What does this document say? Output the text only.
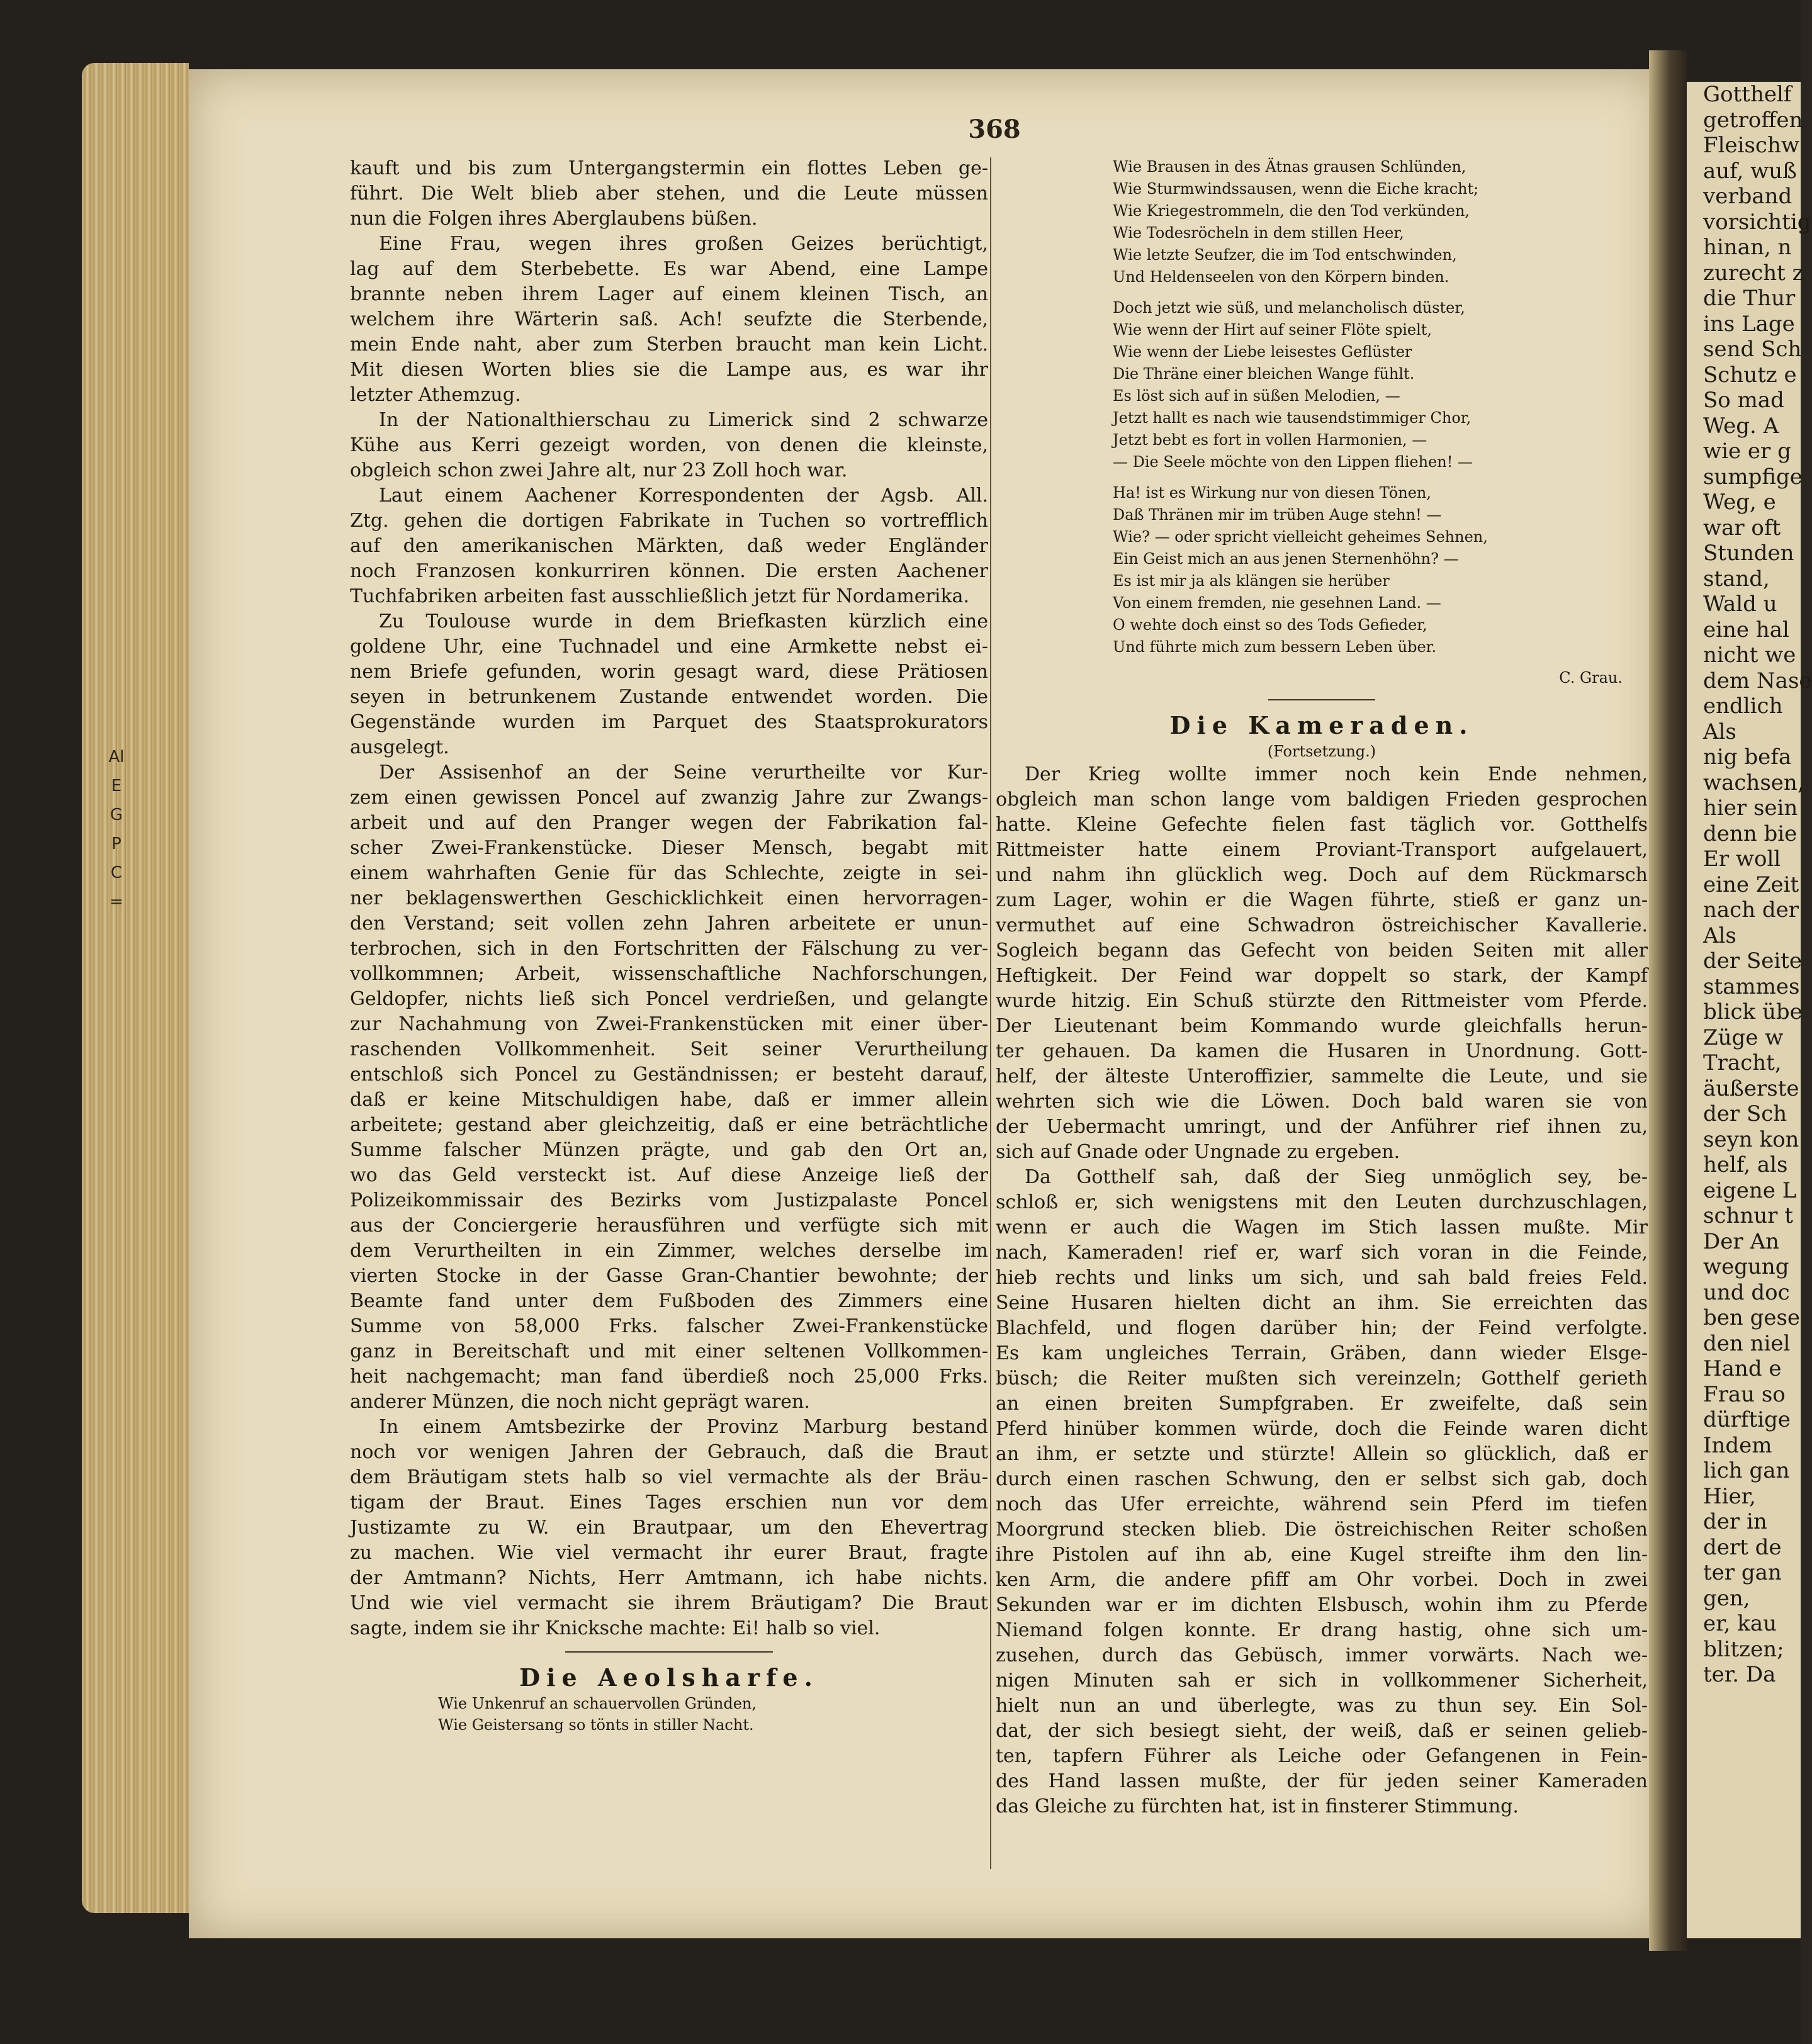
Al
E
G
P
C
=
Gotthelf
getroffen
Fleischw
auf, wuß
verband
vorsichtig
hinan, n
zurecht z
die Thur
ins Lage
send Sch
Schutz e
So mad
Weg. A
wie er g
sumpfige
Weg, e
war oft
Stunden
stand,
Wald u
eine hal
nicht we
dem Nase
endlich
Als
nig befa
wachsen,
hier sein
denn bie
Er woll
eine Zeit
nach der
Als
der Seite
stammes
blick übe
Züge w
Tracht,
äußerste
der Sch
seyn kon
helf, als
eigene L
schnur t
Der An
wegung
und doc
ben gese
den niel
Hand e
Frau so
dürftige
Indem
lich gan
Hier,
der in
dert de
ter gan
gen,
er, kau
blitzen;
ter. Da
368
kauft und bis zum Untergangstermin ein flottes Leben ge-
führt. Die Welt blieb aber stehen, und die Leute müssen
nun die Folgen ihres Aberglaubens büßen.
Eine Frau, wegen ihres großen Geizes berüchtigt,
lag auf dem Sterbebette. Es war Abend, eine Lampe
brannte neben ihrem Lager auf einem kleinen Tisch, an
welchem ihre Wärterin saß. Ach! seufzte die Sterbende,
mein Ende naht, aber zum Sterben braucht man kein Licht.
Mit diesen Worten blies sie die Lampe aus, es war ihr
letzter Athemzug.
In der Nationalthierschau zu Limerick sind 2 schwarze
Kühe aus Kerri gezeigt worden, von denen die kleinste,
obgleich schon zwei Jahre alt, nur 23 Zoll hoch war.
Laut einem Aachener Korrespondenten der Agsb. All.
Ztg. gehen die dortigen Fabrikate in Tuchen so vortrefflich
auf den amerikanischen Märkten, daß weder Engländer
noch Franzosen konkurriren können. Die ersten Aachener
Tuchfabriken arbeiten fast ausschließlich jetzt für Nordamerika.
Zu Toulouse wurde in dem Briefkasten kürzlich eine
goldene Uhr, eine Tuchnadel und eine Armkette nebst ei-
nem Briefe gefunden, worin gesagt ward, diese Prätiosen
seyen in betrunkenem Zustande entwendet worden. Die
Gegenstände wurden im Parquet des Staatsprokurators
ausgelegt.
Der Assisenhof an der Seine verurtheilte vor Kur-
zem einen gewissen Poncel auf zwanzig Jahre zur Zwangs-
arbeit und auf den Pranger wegen der Fabrikation fal-
scher Zwei-Frankenstücke. Dieser Mensch, begabt mit
einem wahrhaften Genie für das Schlechte, zeigte in sei-
ner beklagenswerthen Geschicklichkeit einen hervorragen-
den Verstand; seit vollen zehn Jahren arbeitete er unun-
terbrochen, sich in den Fortschritten der Fälschung zu ver-
vollkommnen; Arbeit, wissenschaftliche Nachforschungen,
Geldopfer, nichts ließ sich Poncel verdrießen, und gelangte
zur Nachahmung von Zwei-Frankenstücken mit einer über-
raschenden Vollkommenheit. Seit seiner Verurtheilung
entschloß sich Poncel zu Geständnissen; er besteht darauf,
daß er keine Mitschuldigen habe, daß er immer allein
arbeitete; gestand aber gleichzeitig, daß er eine beträchtliche
Summe falscher Münzen prägte, und gab den Ort an,
wo das Geld versteckt ist. Auf diese Anzeige ließ der
Polizeikommissair des Bezirks vom Justizpalaste Poncel
aus der Conciergerie herausführen und verfügte sich mit
dem Verurtheilten in ein Zimmer, welches derselbe im
vierten Stocke in der Gasse Gran-Chantier bewohnte; der
Beamte fand unter dem Fußboden des Zimmers eine
Summe von 58,000 Frks. falscher Zwei-Frankenstücke
ganz in Bereitschaft und mit einer seltenen Vollkommen-
heit nachgemacht; man fand überdieß noch 25,000 Frks.
anderer Münzen, die noch nicht geprägt waren.
In einem Amtsbezirke der Provinz Marburg bestand
noch vor wenigen Jahren der Gebrauch, daß die Braut
dem Bräutigam stets halb so viel vermachte als der Bräu-
tigam der Braut. Eines Tages erschien nun vor dem
Justizamte zu W. ein Brautpaar, um den Ehevertrag
zu machen. Wie viel vermacht ihr eurer Braut, fragte
der Amtmann? Nichts, Herr Amtmann, ich habe nichts.
Und wie viel vermacht sie ihrem Bräutigam? Die Braut
sagte, indem sie ihr Knicksche machte: Ei! halb so viel.
Die Aeolsharfe.
Wie Unkenruf an schauervollen Gründen,
Wie Geistersang so tönts in stiller Nacht.
Wie Brausen in des Ätnas grausen Schlünden,
Wie Sturmwindssausen, wenn die Eiche kracht;
Wie Kriegestrommeln, die den Tod verkünden,
Wie Todesröcheln in dem stillen Heer,
Wie letzte Seufzer, die im Tod entschwinden,
Und Heldenseelen von den Körpern binden.
Doch jetzt wie süß, und melancholisch düster,
Wie wenn der Hirt auf seiner Flöte spielt,
Wie wenn der Liebe leisestes Geflüster
Die Thräne einer bleichen Wange fühlt.
Es löst sich auf in süßen Melodien, —
Jetzt hallt es nach wie tausendstimmiger Chor,
Jetzt bebt es fort in vollen Harmonien, —
— Die Seele möchte von den Lippen fliehen! —
Ha! ist es Wirkung nur von diesen Tönen,
Daß Thränen mir im trüben Auge stehn! —
Wie? — oder spricht vielleicht geheimes Sehnen,
Ein Geist mich an aus jenen Sternenhöhn? —
Es ist mir ja als klängen sie herüber
Von einem fremden, nie gesehnen Land. —
O wehte doch einst so des Tods Gefieder,
Und führte mich zum bessern Leben über.
C. Grau.
Die Kameraden.
(Fortsetzung.)
Der Krieg wollte immer noch kein Ende nehmen,
obgleich man schon lange vom baldigen Frieden gesprochen
hatte. Kleine Gefechte fielen fast täglich vor. Gotthelfs
Rittmeister hatte einem Proviant-Transport aufgelauert,
und nahm ihn glücklich weg. Doch auf dem Rückmarsch
zum Lager, wohin er die Wagen führte, stieß er ganz un-
vermuthet auf eine Schwadron östreichischer Kavallerie.
Sogleich begann das Gefecht von beiden Seiten mit aller
Heftigkeit. Der Feind war doppelt so stark, der Kampf
wurde hitzig. Ein Schuß stürzte den Rittmeister vom Pferde.
Der Lieutenant beim Kommando wurde gleichfalls herun-
ter gehauen. Da kamen die Husaren in Unordnung. Gott-
helf, der älteste Unteroffizier, sammelte die Leute, und sie
wehrten sich wie die Löwen. Doch bald waren sie von
der Uebermacht umringt, und der Anführer rief ihnen zu,
sich auf Gnade oder Ungnade zu ergeben.
Da Gotthelf sah, daß der Sieg unmöglich sey, be-
schloß er, sich wenigstens mit den Leuten durchzuschlagen,
wenn er auch die Wagen im Stich lassen mußte. Mir
nach, Kameraden! rief er, warf sich voran in die Feinde,
hieb rechts und links um sich, und sah bald freies Feld.
Seine Husaren hielten dicht an ihm. Sie erreichten das
Blachfeld, und flogen darüber hin; der Feind verfolgte.
Es kam ungleiches Terrain, Gräben, dann wieder Elsge-
büsch; die Reiter mußten sich vereinzeln; Gotthelf gerieth
an einen breiten Sumpfgraben. Er zweifelte, daß sein
Pferd hinüber kommen würde, doch die Feinde waren dicht
an ihm, er setzte und stürzte! Allein so glücklich, daß er
durch einen raschen Schwung, den er selbst sich gab, doch
noch das Ufer erreichte, während sein Pferd im tiefen
Moorgrund stecken blieb. Die östreichischen Reiter schoßen
ihre Pistolen auf ihn ab, eine Kugel streifte ihm den lin-
ken Arm, die andere pfiff am Ohr vorbei. Doch in zwei
Sekunden war er im dichten Elsbusch, wohin ihm zu Pferde
Niemand folgen konnte. Er drang hastig, ohne sich um-
zusehen, durch das Gebüsch, immer vorwärts. Nach we-
nigen Minuten sah er sich in vollkommener Sicherheit,
hielt nun an und überlegte, was zu thun sey. Ein Sol-
dat, der sich besiegt sieht, der weiß, daß er seinen gelieb-
ten, tapfern Führer als Leiche oder Gefangenen in Fein-
des Hand lassen mußte, der für jeden seiner Kameraden
das Gleiche zu fürchten hat, ist in finsterer Stimmung.
